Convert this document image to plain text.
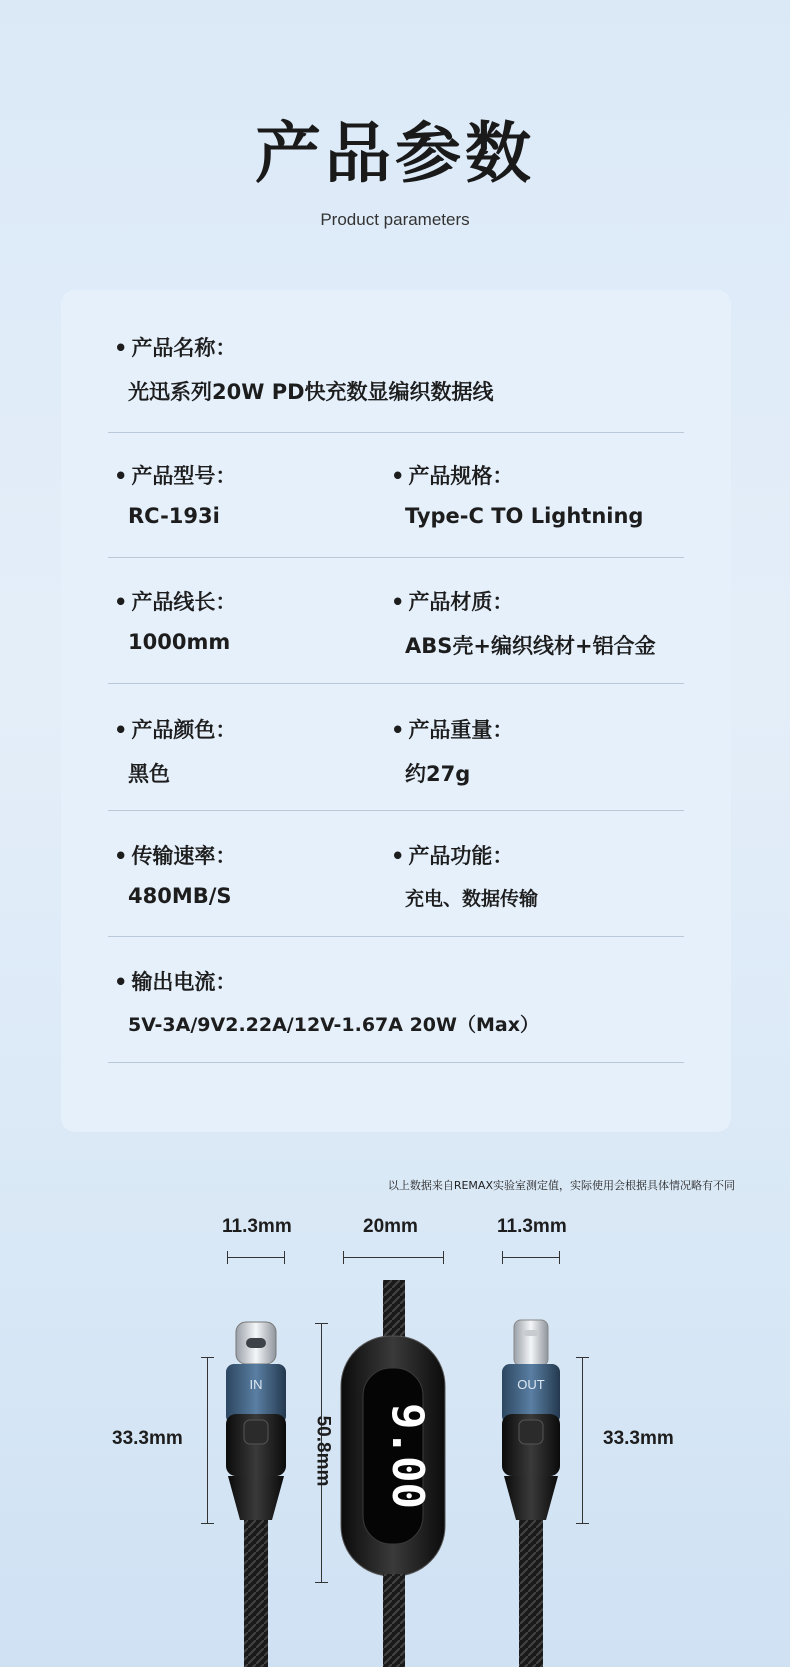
产品参数
Product parameters
• 产品名称：
光迅系列20W PD快充数显编织数据线
• 产品型号：
RC-193i
• 产品规格：
Type-C TO Lightning
• 产品线长：
1000mm
• 产品材质：
ABS壳+编织线材+铝合金
• 产品颜色：
黑色
• 产品重量：
约27g
• 传输速率：
480MB/S
• 产品功能：
充电、数据传输
• 输出电流：
5V-3A/9V2.22A/12V-1.67A 20W（Max）
以上数据来自REMAX实验室测定值，实际使用会根据具体情况略有不同
11.3mm	20mm	11.3mm
33.3mm	50.8mm	33.3mm
IN
9.00
OUT
